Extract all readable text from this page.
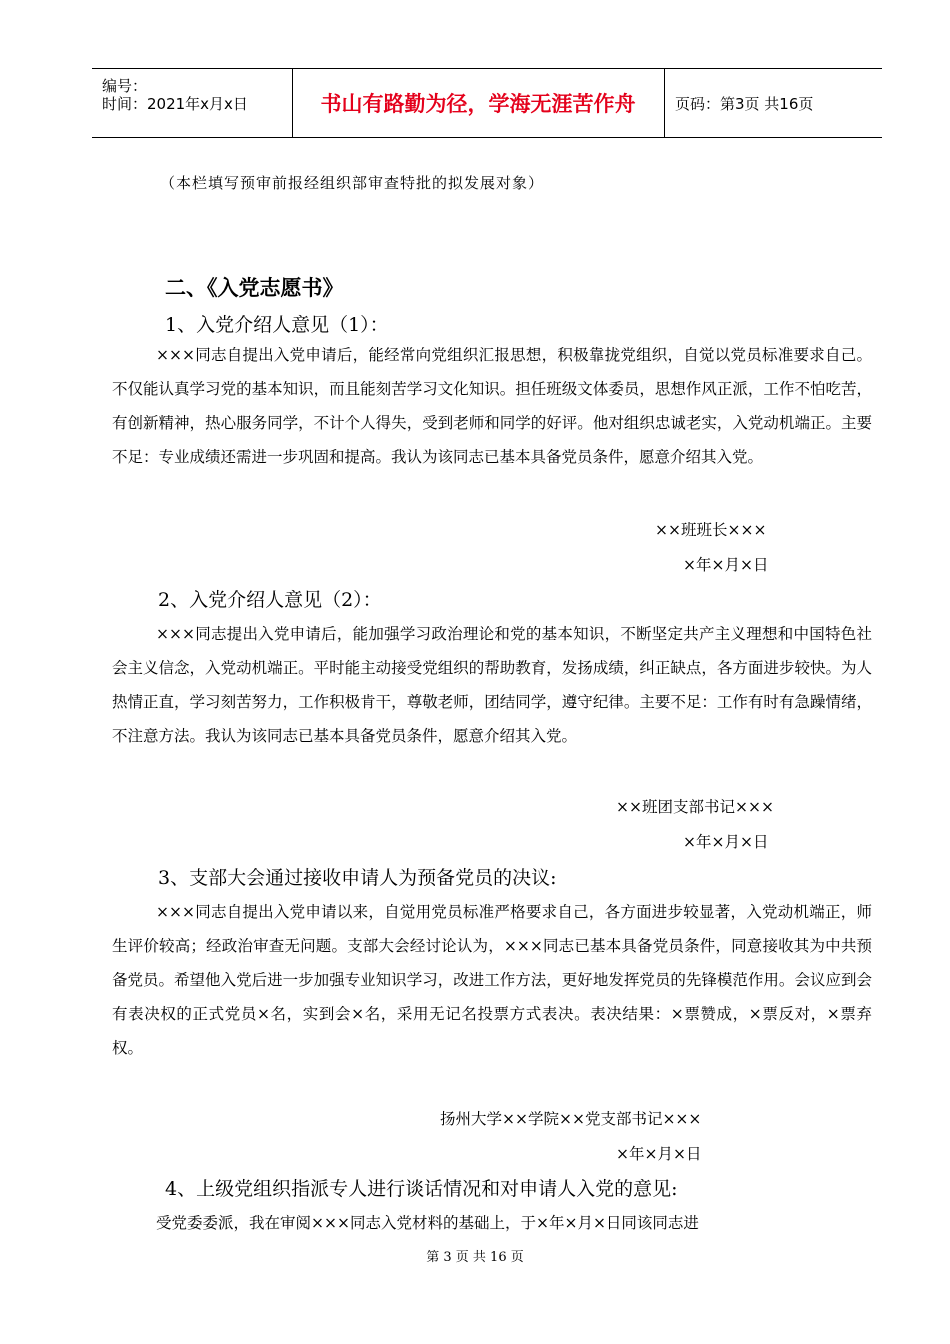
编号：
时间：2021年x月x日	书山有路勤为径，学海无涯苦作舟	页码：第3页 共16页
（本栏填写预审前报经组织部审查特批的拟发展对象）
二、《入党志愿书》
1、入党介绍人意见（1）：
×××同志自提出入党申请后，能经常向党组织汇报思想，积极靠拢党组织，自觉以党员标准要求自己。不仅能认真学习党的基本知识，而且能刻苦学习文化知识。担任班级文体委员，思想作风正派，工作不怕吃苦，有创新精神，热心服务同学，不计个人得失，受到老师和同学的好评。他对组织忠诚老实，入党动机端正。主要不足：专业成绩还需进一步巩固和提高。我认为该同志已基本具备党员条件，愿意介绍其入党。
××班班长×××
×年×月×日
2、入党介绍人意见（2）：
×××同志提出入党申请后，能加强学习政治理论和党的基本知识，不断坚定共产主义理想和中国特色社会主义信念，入党动机端正。平时能主动接受党组织的帮助教育，发扬成绩，纠正缺点，各方面进步较快。为人热情正直，学习刻苦努力，工作积极肯干，尊敬老师，团结同学，遵守纪律。主要不足：工作有时有急躁情绪，不注意方法。我认为该同志已基本具备党员条件，愿意介绍其入党。
××班团支部书记×××
×年×月×日
3、支部大会通过接收申请人为预备党员的决议:
×××同志自提出入党申请以来，自觉用党员标准严格要求自己，各方面进步较显著，入党动机端正，师生评价较高；经政治审查无问题。支部大会经讨论认为，×××同志已基本具备党员条件，同意接收其为中共预备党员。希望他入党后进一步加强专业知识学习，改进工作方法，更好地发挥党员的先锋模范作用。会议应到会有表决权的正式党员×名，实到会×名，采用无记名投票方式表决。表决结果：×票赞成，×票反对，×票弃权。
扬州大学××学院××党支部书记×××
×年×月×日
4、上级党组织指派专人进行谈话情况和对申请人入党的意见:
受党委委派，我在审阅×××同志入党材料的基础上，于×年×月×日同该同志进
第 3 页 共 16 页
